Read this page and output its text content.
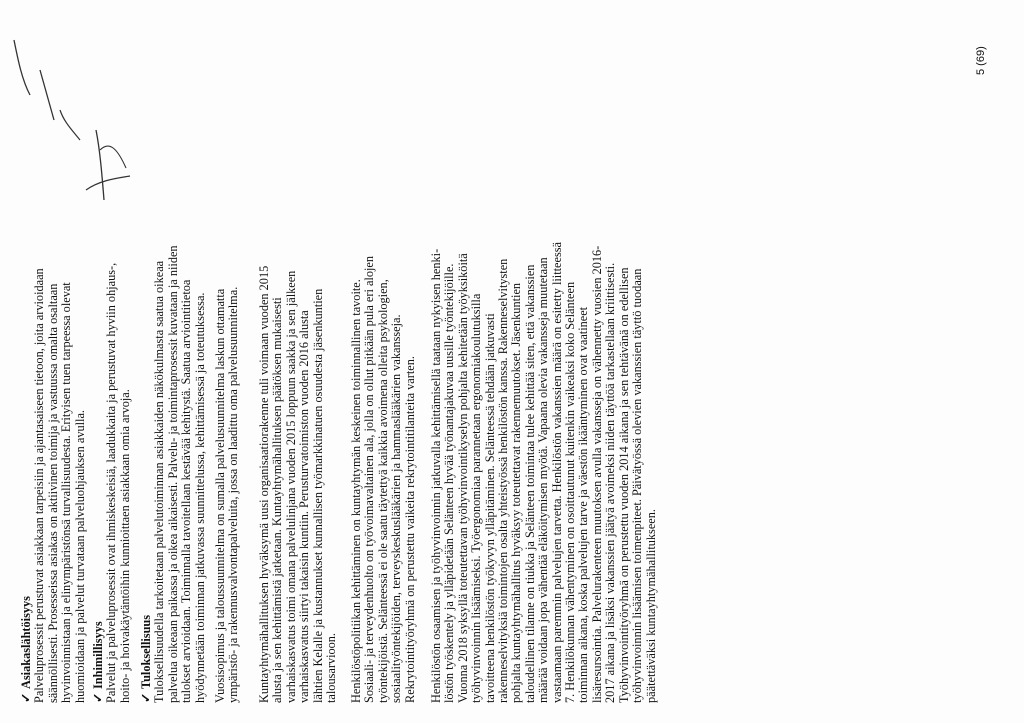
✓Asiakaslähtöisyys Palveluprosessit perustuvat asiakkaan tarpeisiin ja ajantasaiseen tietoon, joita arvioidaan säännöllisesti. Prosesseissa asiakas on aktiivinen toimija ja vastuussa omalta osaltaan hyvinvoinnistaan ja elinympäristönsä turvallisuudesta. Erityisen tuen tarpeessa olevat huomioidaan ja palvelut turvataan palveluohjauksen avulla. ✓Inhimillisyys Palvelut ja palveluprosessit ovat ihmiskeskeisiä, laadukkaita ja perustuvat hyviin ohjaus-, hoito- ja hoivakäytäntöihin kunnioittaen asiakkaan omia arvoja. ✓Tuloksellisuus Tuloksellisuudella tarkoitetaan palvelutoiminnan asiakkaiden näkökulmasta saatua oikeaa palvelua oikeaan paikassa ja oikea aikaisesti. Palvelu- ja toimintaprosessit kuvataan ja niiden tulokset arvioidaan. Toiminnalla tavoitellaan kestävää kehitystä. Saatua arviointitietoa hyödynnetään toiminnan jatkuvassa suunnittelussa, kehittämisessä ja toteutuksessa. Vuosisopimus ja taloussuunnitelma on sumalla palvelusuunnitelma laskun ottamatta ympäristö- ja rakennusvalvontapalveluita, jossa on laadittu oma palvelusuunnitelma. Kuntayhtymähallituksen hyväksymä uusi organisaatiorakenne tuli voimaan vuoden 2015 alusta ja sen kehittämistä jatketaan. Kuntayhtymähallituksen päätöksen mukaisesti varhaiskasvatus toimi omana palvelulinjana vuoden 2015 loppuun saakka ja sen jälkeen varhaiskasvatus siirtyi takaisin kuntiin. Perusturvatoimiston vuoden 2016 alusta lähtien Kelalle ja kustannukset kunnallisen työmarkkinatuen osuudesta jäsenkuntien talousarvioon. Henkilöstöpolitiikan kehittäminen on kuntayhtymän keskeinen toiminnallinen tavoite. Sosiaali- ja terveydenhuolto on työvoimavaltainen ala, jolla on ollut pitkään pula eri alojen työntekijöistä. Selänteessä ei ole saatu täytettyä kaikkia avoimena olleita psykologien, sosiaalityöntekijöiden, terveyskeskuslääkärien ja hammaslääkärien vakansseja. Rekrytointityöryhmä on perustettu vaikeita rekrytointitilanteita varten. Henkilöstön osaamisen ja työhyvinvoinnin jatkuvalla kehittämisellä taataan nykyisen henki- löstön työskentely ja ylläpidetään Selänteen hyvää työnantajakuvaa uusille työntekijöille. Vuonna 2018 syksyllä toteutettavan työhyvinvointikyselyn pohjalta kehitetään työyksiköitä työhyvinvoinnin lisäämiseksi. Työergonomiaa parannetaan ergonomiakoulutuksilla tavoitteena henkilöstön työkyvyn ylläpitäminen. Selänteessä tehdään jatkuvasti rakenneselvityksiä toimintojen osalta yhteistyössä henkilöstön kanssa. Rakenneselvitysten pohjalta kuntayhtymähallitus hyväksyy toteutettavat rakennemuutokset. Jäsenkuntien taloudellinen tilanne on tiukka ja Selänteen toimintaa tulee kehittää siten, että vakanssien määrää voidaan jopa vähentää eläköitymisen myötä. Vapaana olevia vakansseja muutetaan vastaamaan paremmin palvelujen tarvetta. Henkilöstön vakanssien määrä on esitetty liitteessä 7. Henkilökunnan vähentyminen on osoittautunut kuitenkin vaikeaksi koko Selänteen toiminnan aikana, koska palvelujen tarve ja väestön ikääntyminen ovat vaatineet lisäresursointia. Palvelurakenteen muutoksen avulla vakansseja on vähennetty vuosien 2016- 2017 aikana ja lisäksi vakanssien jäätyä avoimeksi niiden täyttöä tarkastellaan kriittisesti. Työhyvinvointityöryhmä on perustettu vuoden 2014 aikana ja sen tehtävänä on edellisen työhyvinvoinnin lisäämisen toimenpiteet. Päivätyössä olevien vakanssien täyttö tuodaan päätettäväksi kuntayhtymähallitukseen.

5 (69)
